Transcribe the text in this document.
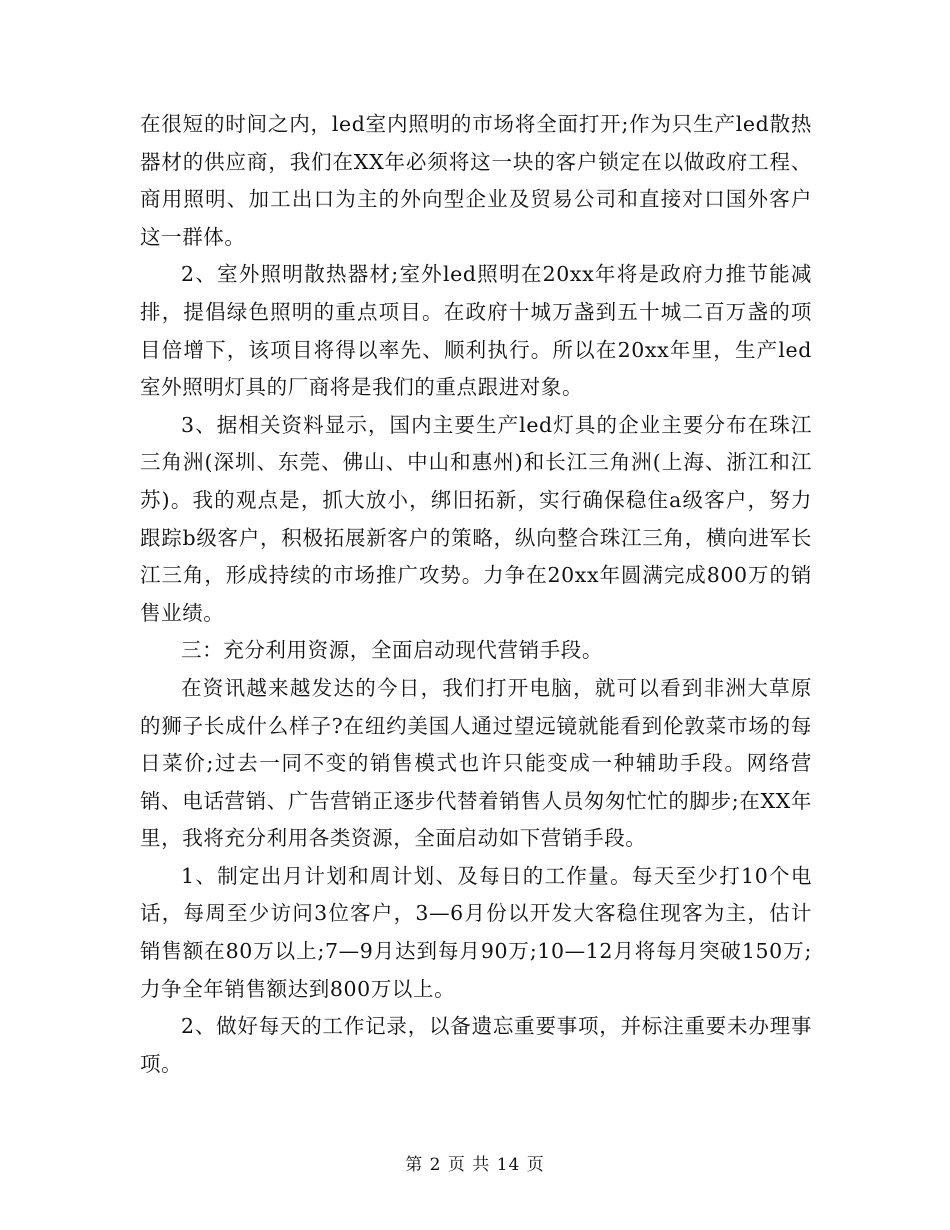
在很短的时间之内，led室内照明的市场将全面打开;作为只生产led散热器材的供应商，我们在XX年必须将这一块的客户锁定在以做政府工程、商用照明、加工出口为主的外向型企业及贸易公司和直接对口国外客户这一群体。

2、室外照明散热器材;室外led照明在20xx年将是政府力推节能减排，提倡绿色照明的重点项目。在政府十城万盏到五十城二百万盏的项目倍增下，该项目将得以率先、顺利执行。所以在20xx年里，生产led室外照明灯具的厂商将是我们的重点跟进对象。

3、据相关资料显示，国内主要生产led灯具的企业主要分布在珠江三角洲(深圳、东莞、佛山、中山和惠州)和长江三角洲(上海、浙江和江苏)。我的观点是，抓大放小，绑旧拓新，实行确保稳住a级客户，努力跟踪b级客户，积极拓展新客户的策略，纵向整合珠江三角，横向进军长江三角，形成持续的市场推广攻势。力争在20xx年圆满完成800万的销售业绩。

三：充分利用资源，全面启动现代营销手段。

在资讯越来越发达的今日，我们打开电脑，就可以看到非洲大草原的狮子长成什么样子?在纽约美国人通过望远镜就能看到伦敦菜市场的每日菜价;过去一同不变的销售模式也许只能变成一种辅助手段。网络营销、电话营销、广告营销正逐步代替着销售人员匆匆忙忙的脚步;在XX年里，我将充分利用各类资源，全面启动如下营销手段。

1、制定出月计划和周计划、及每日的工作量。每天至少打10个电话，每周至少访问3位客户，3—6月份以开发大客稳住现客为主，估计销售额在80万以上;7—9月达到每月90万;10—12月将每月突破150万;力争全年销售额达到800万以上。

2、做好每天的工作记录，以备遗忘重要事项，并标注重要未办理事项。

第 2 页 共 14 页
